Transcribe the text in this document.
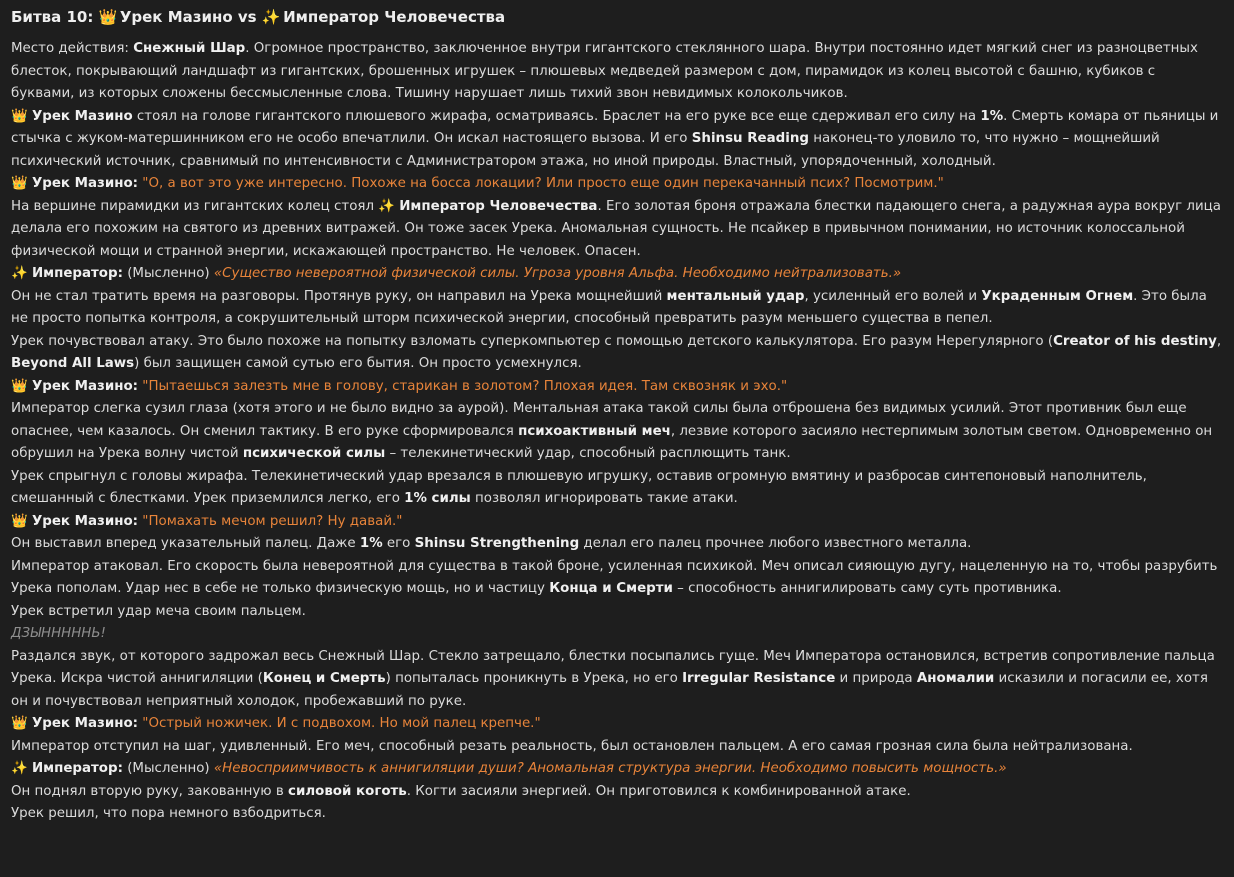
Битва 10: 👑 Урек Мазино vs ✨ Император Человечества

Место действия: Снежный Шар. Огромное пространство, заключенное внутри гигантского стеклянного шара. Внутри постоянно идет мягкий снег из разноцветных блесток, покрывающий ландшафт из гигантских, брошенных игрушек – плюшевых медведей размером с дом, пирамидок из колец высотой с башню, кубиков с буквами, из которых сложены бессмысленные слова. Тишину нарушает лишь тихий звон невидимых колокольчиков.

👑 Урек Мазино стоял на голове гигантского плюшевого жирафа, осматриваясь. Браслет на его руке все еще сдерживал его силу на 1%. Смерть комара от пьяницы и стычка с жуком-матершинником его не особо впечатлили. Он искал настоящего вызова. И его Shinsu Reading наконец-то уловило то, что нужно – мощнейший психический источник, сравнимый по интенсивности с Администратором этажа, но иной природы. Властный, упорядоченный, холодный.

👑 Урек Мазино: "О, а вот это уже интересно. Похоже на босса локации? Или просто еще один перекачанный псих? Посмотрим."

На вершине пирамидки из гигантских колец стоял ✨ Император Человечества. Его золотая броня отражала блестки падающего снега, а радужная аура вокруг лица делала его похожим на святого из древних витражей. Он тоже засек Урека. Аномальная сущность. Не псайкер в привычном понимании, но источник колоссальной физической мощи и странной энергии, искажающей пространство. Не человек. Опасен.

✨ Император: (Мысленно) «Существо невероятной физической силы. Угроза уровня Альфа. Необходимо нейтрализовать.»

Он не стал тратить время на разговоры. Протянув руку, он направил на Урека мощнейший ментальный удар, усиленный его волей и Украденным Огнем. Это была не просто попытка контроля, а сокрушительный шторм психической энергии, способный превратить разум меньшего существа в пепел.

Урек почувствовал атаку. Это было похоже на попытку взломать суперкомпьютер с помощью детского калькулятора. Его разум Нерегулярного (Creator of his destiny, Beyond All Laws) был защищен самой сутью его бытия. Он просто усмехнулся.

👑 Урек Мазино: "Пытаешься залезть мне в голову, старикан в золотом? Плохая идея. Там сквозняк и эхо."

Император слегка сузил глаза (хотя этого и не было видно за аурой). Ментальная атака такой силы была отброшена без видимых усилий. Этот противник был еще опаснее, чем казалось. Он сменил тактику. В его руке сформировался психоактивный меч, лезвие которого засияло нестерпимым золотым светом. Одновременно он обрушил на Урека волну чистой психической силы – телекинетический удар, способный расплющить танк.

Урек спрыгнул с головы жирафа. Телекинетический удар врезался в плюшевую игрушку, оставив огромную вмятину и разбросав синтепоновый наполнитель, смешанный с блестками. Урек приземлился легко, его 1% силы позволял игнорировать такие атаки.

👑 Урек Мазино: "Помахать мечом решил? Ну давай."

Он выставил вперед указательный палец. Даже 1% его Shinsu Strengthening делал его палец прочнее любого известного металла.

Император атаковал. Его скорость была невероятной для существа в такой броне, усиленная психикой. Меч описал сияющую дугу, нацеленную на то, чтобы разрубить Урека пополам. Удар нес в себе не только физическую мощь, но и частицу Конца и Смерти – способность аннигилировать саму суть противника.

Урек встретил удар меча своим пальцем.

ДЗЫНННННЬ!

Раздался звук, от которого задрожал весь Снежный Шар. Стекло затрещало, блестки посыпались гуще. Меч Императора остановился, встретив сопротивление пальца Урека. Искра чистой аннигиляции (Конец и Смерть) попыталась проникнуть в Урека, но его Irregular Resistance и природа Аномалии исказили и погасили ее, хотя он и почувствовал неприятный холодок, пробежавший по руке.

👑 Урек Мазино: "Острый ножичек. И с подвохом. Но мой палец крепче."

Император отступил на шаг, удивленный. Его меч, способный резать реальность, был остановлен пальцем. А его самая грозная сила была нейтрализована.

✨ Император: (Мысленно) «Невосприимчивость к аннигиляции души? Аномальная структура энергии. Необходимо повысить мощность.»

Он поднял вторую руку, закованную в силовой коготь. Когти засияли энергией. Он приготовился к комбинированной атаке.

Урек решил, что пора немного взбодриться.
